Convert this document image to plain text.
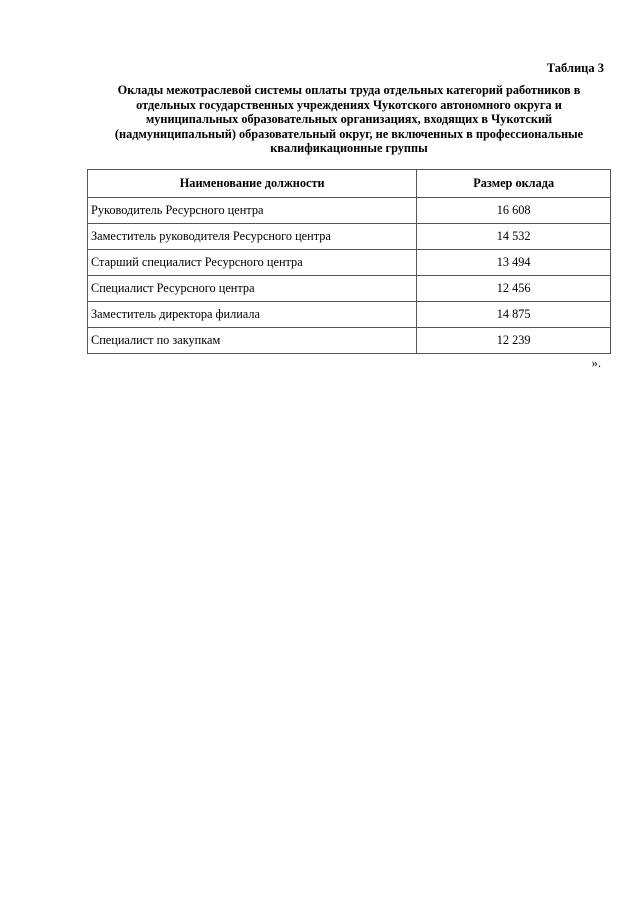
Таблица 3
Оклады межотраслевой системы оплаты труда отдельных категорий работников в
отдельных государственных учреждениях Чукотского автономного округа и
муниципальных образовательных организациях, входящих в Чукотский
(надмуниципальный) образовательный округ, не включенных в профессиональные
квалификационные группы
Наименование должности	Размер оклада
Руководитель Ресурсного центра	16 608
Заместитель руководителя Ресурсного центра	14 532
Старший специалист Ресурсного центра	13 494
Специалист Ресурсного центра	12 456
Заместитель директора филиала	14 875
Специалист по закупкам	12 239
».
